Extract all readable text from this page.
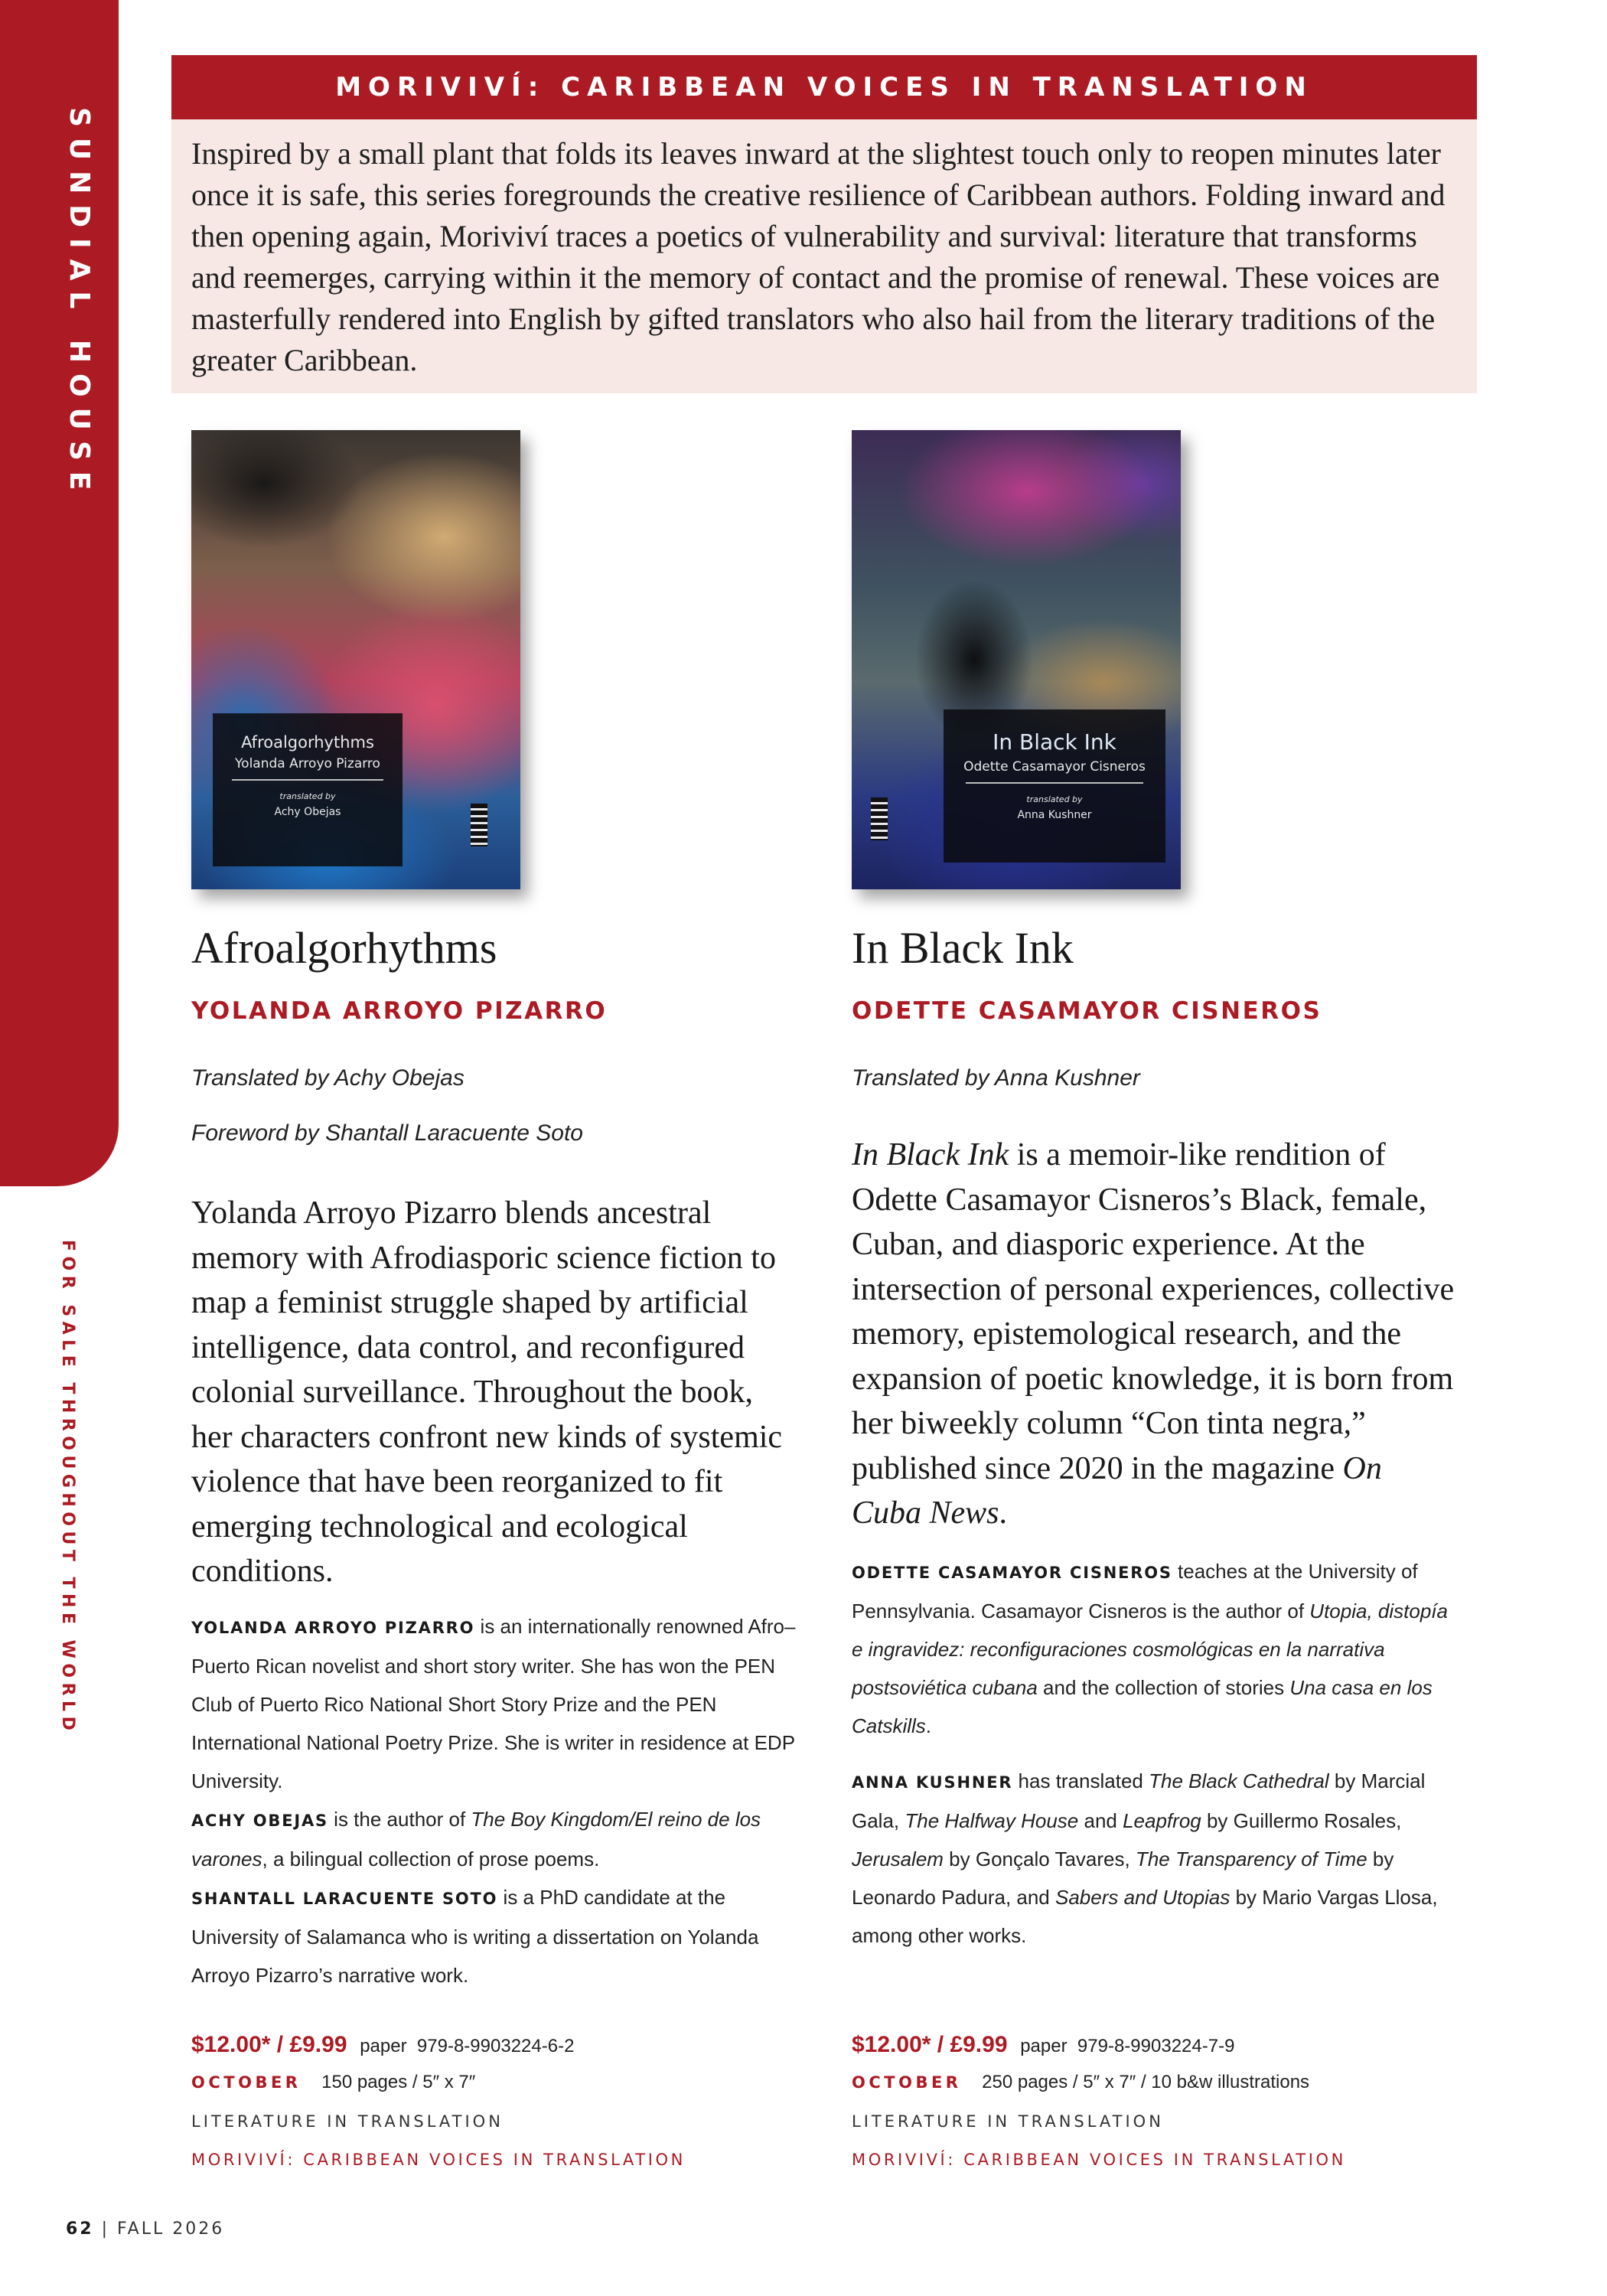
SUNDIAL HOUSE
FOR SALE THROUGHOUT THE WORLD
MORIVIVÍ: CARIBBEAN VOICES IN TRANSLATION
Inspired by a small plant that folds its leaves inward at the slightest touch only to reopen minutes later once it is safe, this series foregrounds the creative resilience of Caribbean authors. Folding inward and then opening again, Moriviví traces a poetics of vulnerability and survival: literature that transforms and reemerges, carrying within it the memory of contact and the promise of renewal. These voices are masterfully rendered into English by gifted translators who also hail from the literary traditions of the greater Caribbean.
Afroalgorhythms
Yolanda Arroyo Pizarro
translated by
Achy Obejas
In Black Ink
Odette Casamayor Cisneros
translated by
Anna Kushner
Afroalgorhythms
YOLANDA ARROYO PIZARRO
Translated by Achy Obejas
Foreword by Shantall Laracuente Soto

Yolanda Arroyo Pizarro blends ancestral memory with Afrodiasporic science fiction to map a feminist struggle shaped by artificial intelligence, data control, and reconfigured colonial surveillance. Throughout the book, her characters confront new kinds of systemic violence that have been reorganized to fit emerging technological and ecological conditions.

YOLANDA ARROYO PIZARRO is an internationally renowned Afro–Puerto Rican novelist and short story writer. She has won the PEN Club of Puerto Rico National Short Story Prize and the PEN International National Poetry Prize. She is writer in residence at EDP University.

ACHY OBEJAS is the author of The Boy Kingdom/El reino de los varones, a bilingual collection of prose poems.

SHANTALL LARACUENTE SOTO is a PhD candidate at the University of Salamanca who is writing a dissertation on Yolanda Arroyo Pizarro’s narrative work.

$12.00* / £9.99 paper 979-8-9903224-6-2
OCTOBER 150 pages / 5″ x 7″
LITERATURE IN TRANSLATION
MORIVIVÍ: CARIBBEAN VOICES IN TRANSLATION
In Black Ink
ODETTE CASAMAYOR CISNEROS
Translated by Anna Kushner

In Black Ink is a memoir-like rendition of Odette Casamayor Cisneros’s Black, female, Cuban, and diasporic experience. At the intersection of personal experiences, collective memory, epistemological research, and the expansion of poetic knowledge, it is born from her biweekly column “Con tinta negra,” published since 2020 in the magazine On Cuba News.

ODETTE CASAMAYOR CISNEROS teaches at the University of Pennsylvania. Casamayor Cisneros is the author of Utopia, distopía e ingravidez: reconfiguraciones cosmológicas en la narrativa postsoviética cubana and the collection of stories Una casa en los Catskills.

ANNA KUSHNER has translated The Black Cathedral by Marcial Gala, The Halfway House and Leapfrog by Guillermo Rosales, Jerusalem by Gonçalo Tavares, The Transparency of Time by Leonardo Padura, and Sabers and Utopias by Mario Vargas Llosa, among other works.

$12.00* / £9.99 paper 979-8-9903224-7-9
OCTOBER 250 pages / 5″ x 7″ / 10 b&w illustrations
LITERATURE IN TRANSLATION
MORIVIVÍ: CARIBBEAN VOICES IN TRANSLATION
62 | FALL 2026
